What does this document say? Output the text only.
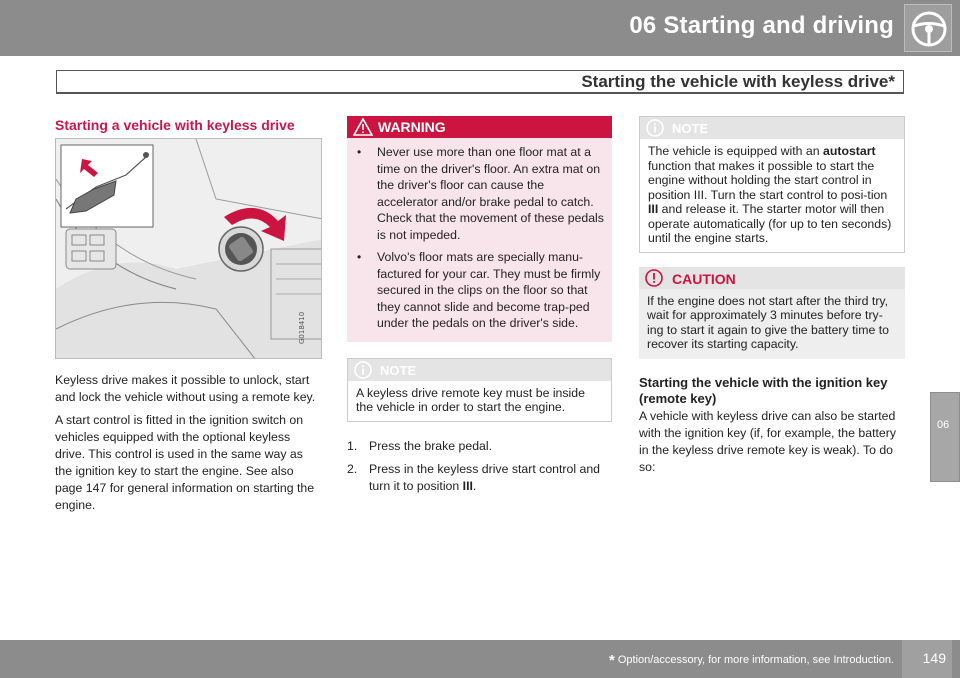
06 Starting and driving
Starting the vehicle with keyless drive*
Starting a vehicle with keyless drive
G018410
Keyless drive makes it possible to unlock, start and lock the vehicle without using a remote key.
A start control is fitted in the ignition switch on vehicles equipped with the optional keyless drive. This control is used in the same way as the ignition key to start the engine. See also page 147 for general information on starting the engine.
WARNING
•	Never use more than one floor mat at a time on the driver's floor. An extra mat on the driver's floor can cause the accelerator and/or brake pedal to catch. Check that the movement of these pedals is not impeded.
•	Volvo's floor mats are specially manu-factured for your car. They must be firmly secured in the clips on the floor so that they cannot slide and become trap-ped under the pedals on the driver's side.
NOTE
A keyless drive remote key must be inside the vehicle in order to start the engine.
1. Press the brake pedal.
2. Press in the keyless drive start control and turn it to position III.
NOTE
The vehicle is equipped with an autostart function that makes it possible to start the engine without holding the start control in position III. Turn the start control to posi-tion III and release it. The starter motor will then operate automatically (for up to ten seconds) until the engine starts.
CAUTION
If the engine does not start after the third try, wait for approximately 3 minutes before try-ing to start it again to give the battery time to recover its starting capacity.
Starting the vehicle with the ignition key (remote key)
A vehicle with keyless drive can also be started with the ignition key (if, for example, the battery in the keyless drive remote key is weak). To do so:
06
* Option/accessory, for more information, see Introduction. 149
